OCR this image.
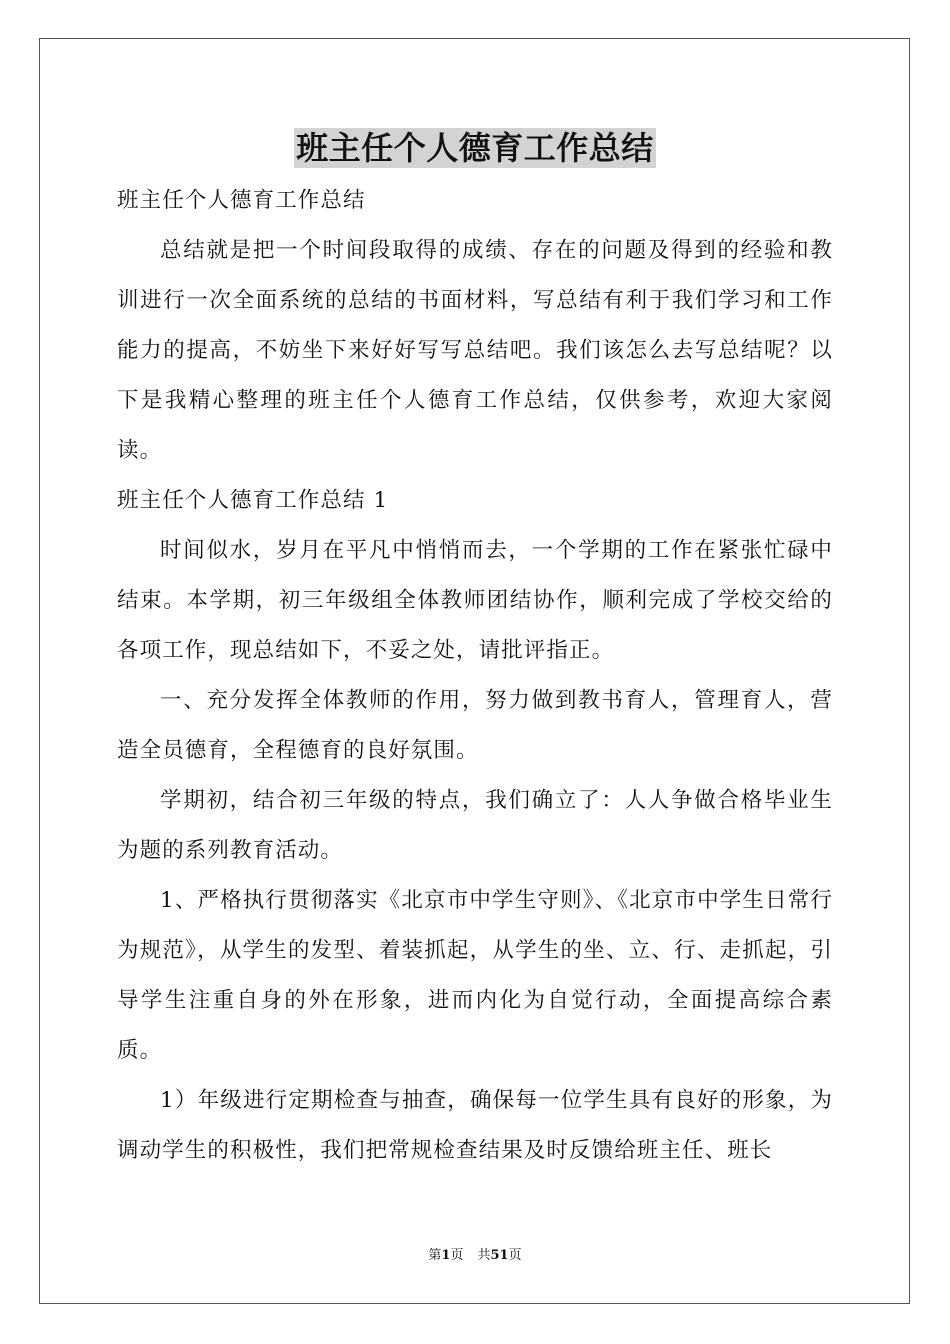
班主任个人德育工作总结

班主任个人德育工作总结

总结就是把一个时间段取得的成绩、存在的问题及得到的经验和教训进行一次全面系统的总结的书面材料，写总结有利于我们学习和工作能力的提高，不妨坐下来好好写写总结吧。我们该怎么去写总结呢？以下是我精心整理的班主任个人德育工作总结，仅供参考，欢迎大家阅读。

班主任个人德育工作总结 1

时间似水，岁月在平凡中悄悄而去，一个学期的工作在紧张忙碌中结束。本学期，初三年级组全体教师团结协作，顺利完成了学校交给的各项工作，现总结如下，不妥之处，请批评指正。

一、充分发挥全体教师的作用，努力做到教书育人，管理育人，营造全员德育，全程德育的良好氛围。

学期初，结合初三年级的特点，我们确立了：人人争做合格毕业生为题的系列教育活动。

1、严格执行贯彻落实《北京市中学生守则》、《北京市中学生日常行为规范》，从学生的发型、着装抓起，从学生的坐、立、行、走抓起，引导学生注重自身的外在形象，进而内化为自觉行动，全面提高综合素质。

1）年级进行定期检查与抽查，确保每一位学生具有良好的形象，为调动学生的积极性，我们把常规检查结果及时反馈给班主任、班长

第1页 共51页
